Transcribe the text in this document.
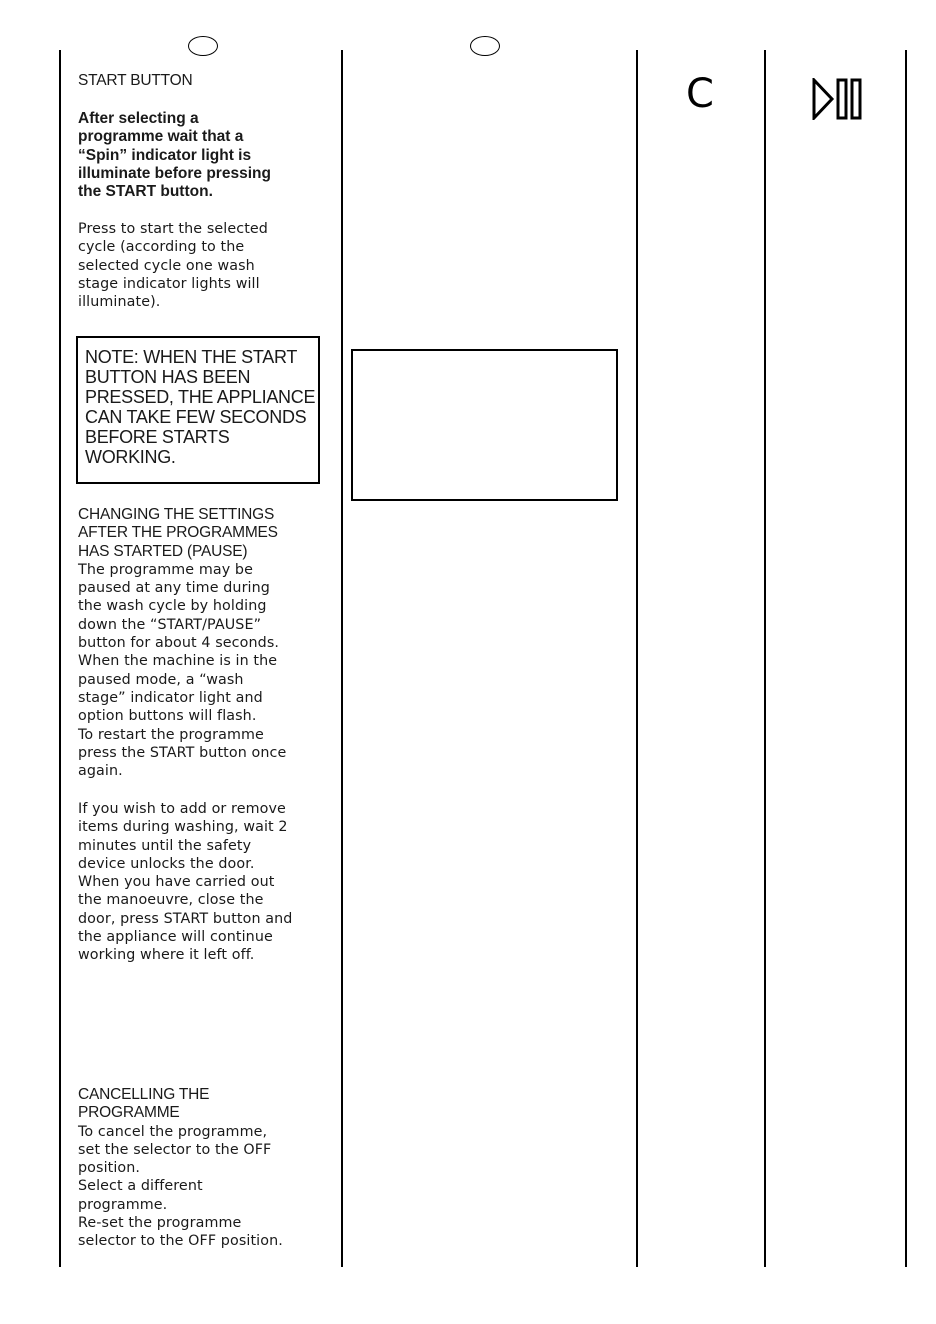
START BUTTON

After selecting a

programme wait that a

“Spin” indicator light is

illuminate before pressing

the START button.

Press to start the selected
cycle (according to the
selected cycle one wash
stage indicator lights will
illuminate).

NOTE: WHEN THE START
BUTTON HAS BEEN
PRESSED, THE APPLIANCE
CAN TAKE FEW SECONDS
BEFORE STARTS
WORKING.

CHANGING THE SETTINGS

AFTER THE PROGRAMMES

HAS STARTED (PAUSE)

The programme may be
paused at any time during
the wash cycle by holding
down the “START/PAUSE”
button for about 4 seconds.
When the machine is in the
paused mode, a “wash
stage” indicator light and
option buttons will flash.
To restart the programme
press the START button once
again.

If you wish to add or remove
items during washing, wait 2
minutes until the safety
device unlocks the door.
When you have carried out
the manoeuvre, close the
door, press START button and
the appliance will continue
working where it left off.

CANCELLING THE

PROGRAMME

To cancel the programme,
set the selector to the OFF
position.
Select a different
programme.
Re-set the programme
selector to the OFF position.

C
